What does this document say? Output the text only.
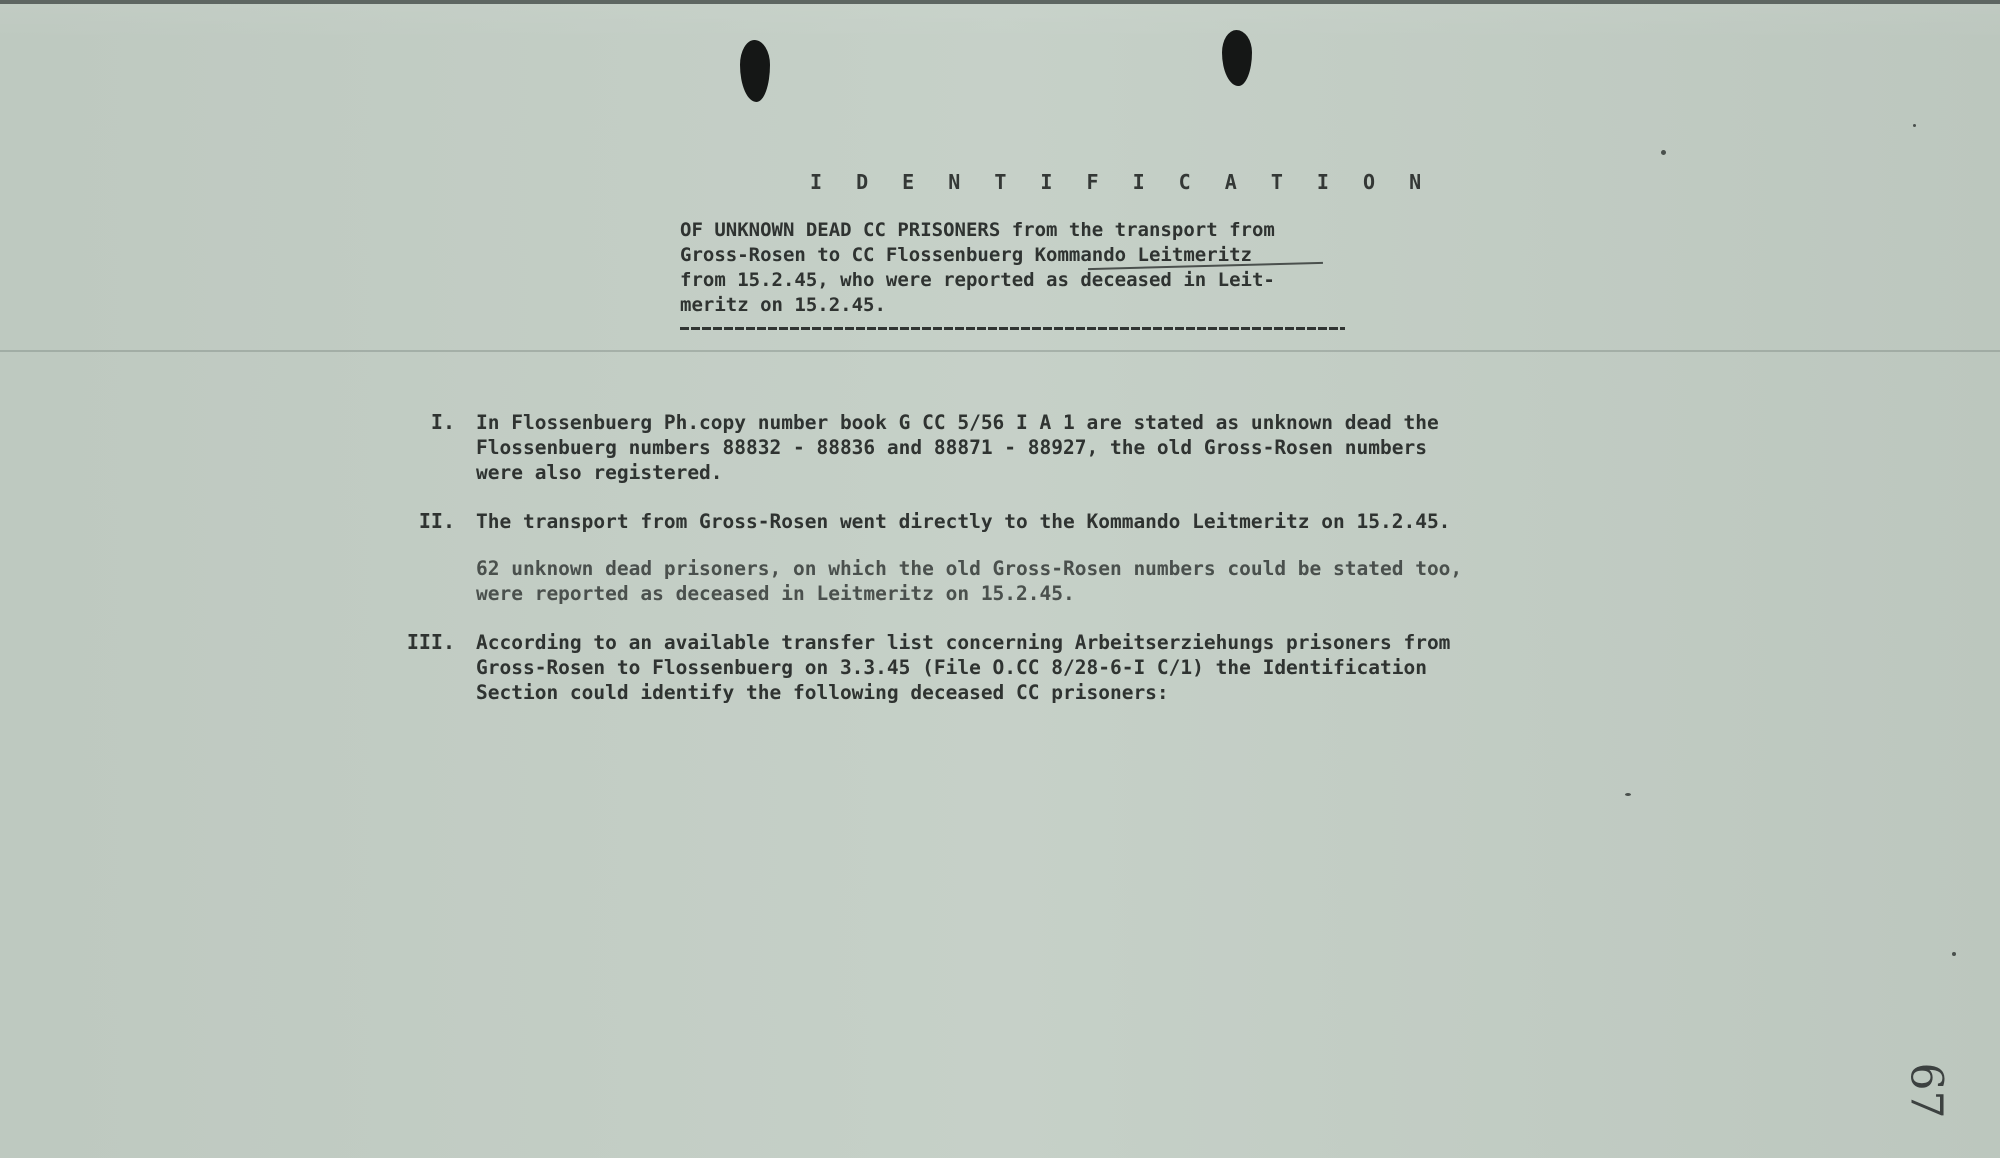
I D E N T I F I C A T I O N
OF UNKNOWN DEAD CC PRISONERS from the transport from
Gross-Rosen to CC Flossenbuerg Kommando Leitmeritz
from 15.2.45, who were reported as deceased in Leit-
meritz on 15.2.45.
I. In Flossenbuerg Ph.copy number book G CC 5/56 I A 1 are stated as unknown dead the
Flossenbuerg numbers 88832 - 88836 and 88871 - 88927, the old Gross-Rosen numbers
were also registered.
II. The transport from Gross-Rosen went directly to the Kommando Leitmeritz on 15.2.45.
62 unknown dead prisoners, on which the old Gross-Rosen numbers could be stated too,
were reported as deceased in Leitmeritz on 15.2.45.
III. According to an available transfer list concerning Arbeitserziehungs prisoners from
Gross-Rosen to Flossenbuerg on 3.3.45 (File O.CC 8/28-6-I C/1) the Identification
Section could identify the following deceased CC prisoners:
67
